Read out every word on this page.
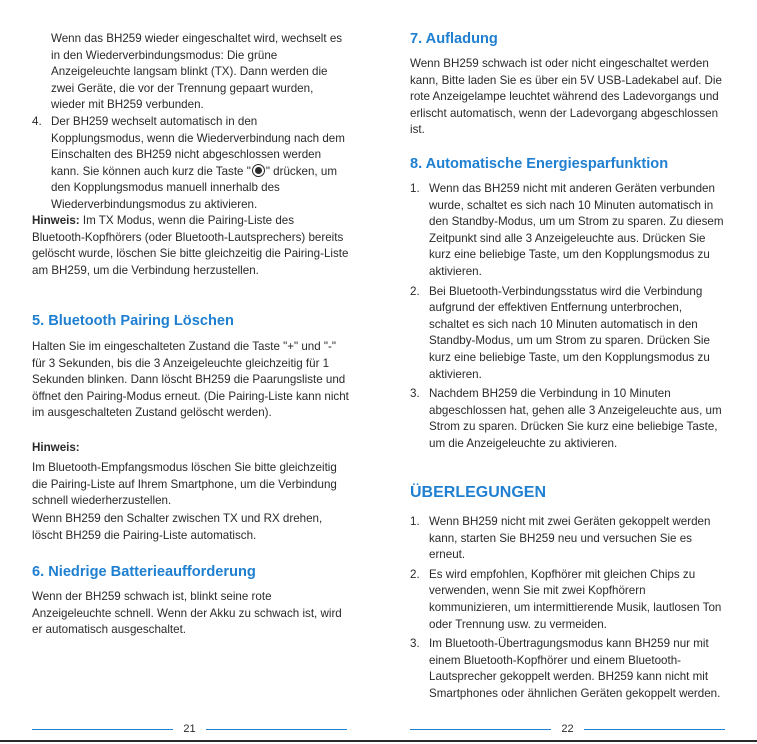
Wenn das BH259 wieder eingeschaltet wird, wechselt es in den Wiederverbindungsmodus: Die grüne Anzeigeleuchte langsam blinkt (TX). Dann werden die zwei Geräte, die vor der Trennung gepaart wurden, wieder mit BH259 verbunden.

4. Der BH259 wechselt automatisch in den Kopplungsmodus, wenn die Wiederverbindung nach dem Einschalten des BH259 nicht abgeschlossen werden kann. Sie können auch kurz die Taste " " drücken, um den Kopplungsmodus manuell innerhalb des Wiederverbindungsmodus zu aktivieren.

Hinweis: Im TX Modus, wenn die Pairing-Liste des Bluetooth-Kopfhörers (oder Bluetooth-Lautsprechers) bereits gelöscht wurde, löschen Sie bitte gleichzeitig die Pairing-Liste am BH259, um die Verbindung herzustellen.

5. Bluetooth Pairing Löschen

Halten Sie im eingeschalteten Zustand die Taste "+" und "-" für 3 Sekunden, bis die 3 Anzeigeleuchte gleichzeitig für 1 Sekunden blinken. Dann löscht BH259 die Paarungsliste und öffnet den Pairing-Modus erneut. (Die Pairing-Liste kann nicht im ausgeschalteten Zustand gelöscht werden).

Hinweis:

Im Bluetooth-Empfangsmodus löschen Sie bitte gleichzeitig die Pairing-Liste auf Ihrem Smartphone, um die Verbindung schnell wiederherzustellen.

Wenn BH259 den Schalter zwischen TX und RX drehen, löscht BH259 die Pairing-Liste automatisch.

6. Niedrige Batterieaufforderung

Wenn der BH259 schwach ist, blinkt seine rote Anzeigeleuchte schnell. Wenn der Akku zu schwach ist, wird er automatisch ausgeschaltet.

21
7. Aufladung

Wenn BH259 schwach ist oder nicht eingeschaltet werden kann, Bitte laden Sie es über ein 5V USB-Ladekabel auf. Die rote Anzeigelampe leuchtet während des Ladevorgangs und erlischt automatisch, wenn der Ladevorgang abgeschlossen ist.

8. Automatische Energiesparfunktion
1. Wenn das BH259 nicht mit anderen Geräten verbunden wurde, schaltet es sich nach 10 Minuten automatisch in den Standby-Modus, um um Strom zu sparen. Zu diesem Zeitpunkt sind alle 3 Anzeigeleuchte aus. Drücken Sie kurz eine beliebige Taste, um den Kopplungsmodus zu aktivieren.
2. Bei Bluetooth-Verbindungsstatus wird die Verbindung aufgrund der effektiven Entfernung unterbrochen, schaltet es sich nach 10 Minuten automatisch in den Standby-Modus, um um Strom zu sparen. Drücken Sie kurz eine beliebige Taste, um den Kopplungsmodus zu aktivieren.
3. Nachdem BH259 die Verbindung in 10 Minuten abgeschlossen hat, gehen alle 3 Anzeigeleuchte aus, um Strom zu sparen. Drücken Sie kurz eine beliebige Taste, um die Anzeigeleuchte zu aktivieren.
ÜBERLEGUNGEN
1. Wenn BH259 nicht mit zwei Geräten gekoppelt werden kann, starten Sie BH259 neu und versuchen Sie es erneut.
2. Es wird empfohlen, Kopfhörer mit gleichen Chips zu verwenden, wenn Sie mit zwei Kopfhörern kommunizieren, um intermittierende Musik, lautlosen Ton oder Trennung usw. zu vermeiden.
3. Im Bluetooth-Übertragungsmodus kann BH259 nur mit einem Bluetooth-Kopfhörer und einem Bluetooth-Lautsprecher gekoppelt werden. BH259 kann nicht mit Smartphones oder ähnlichen Geräten gekoppelt werden.
22
